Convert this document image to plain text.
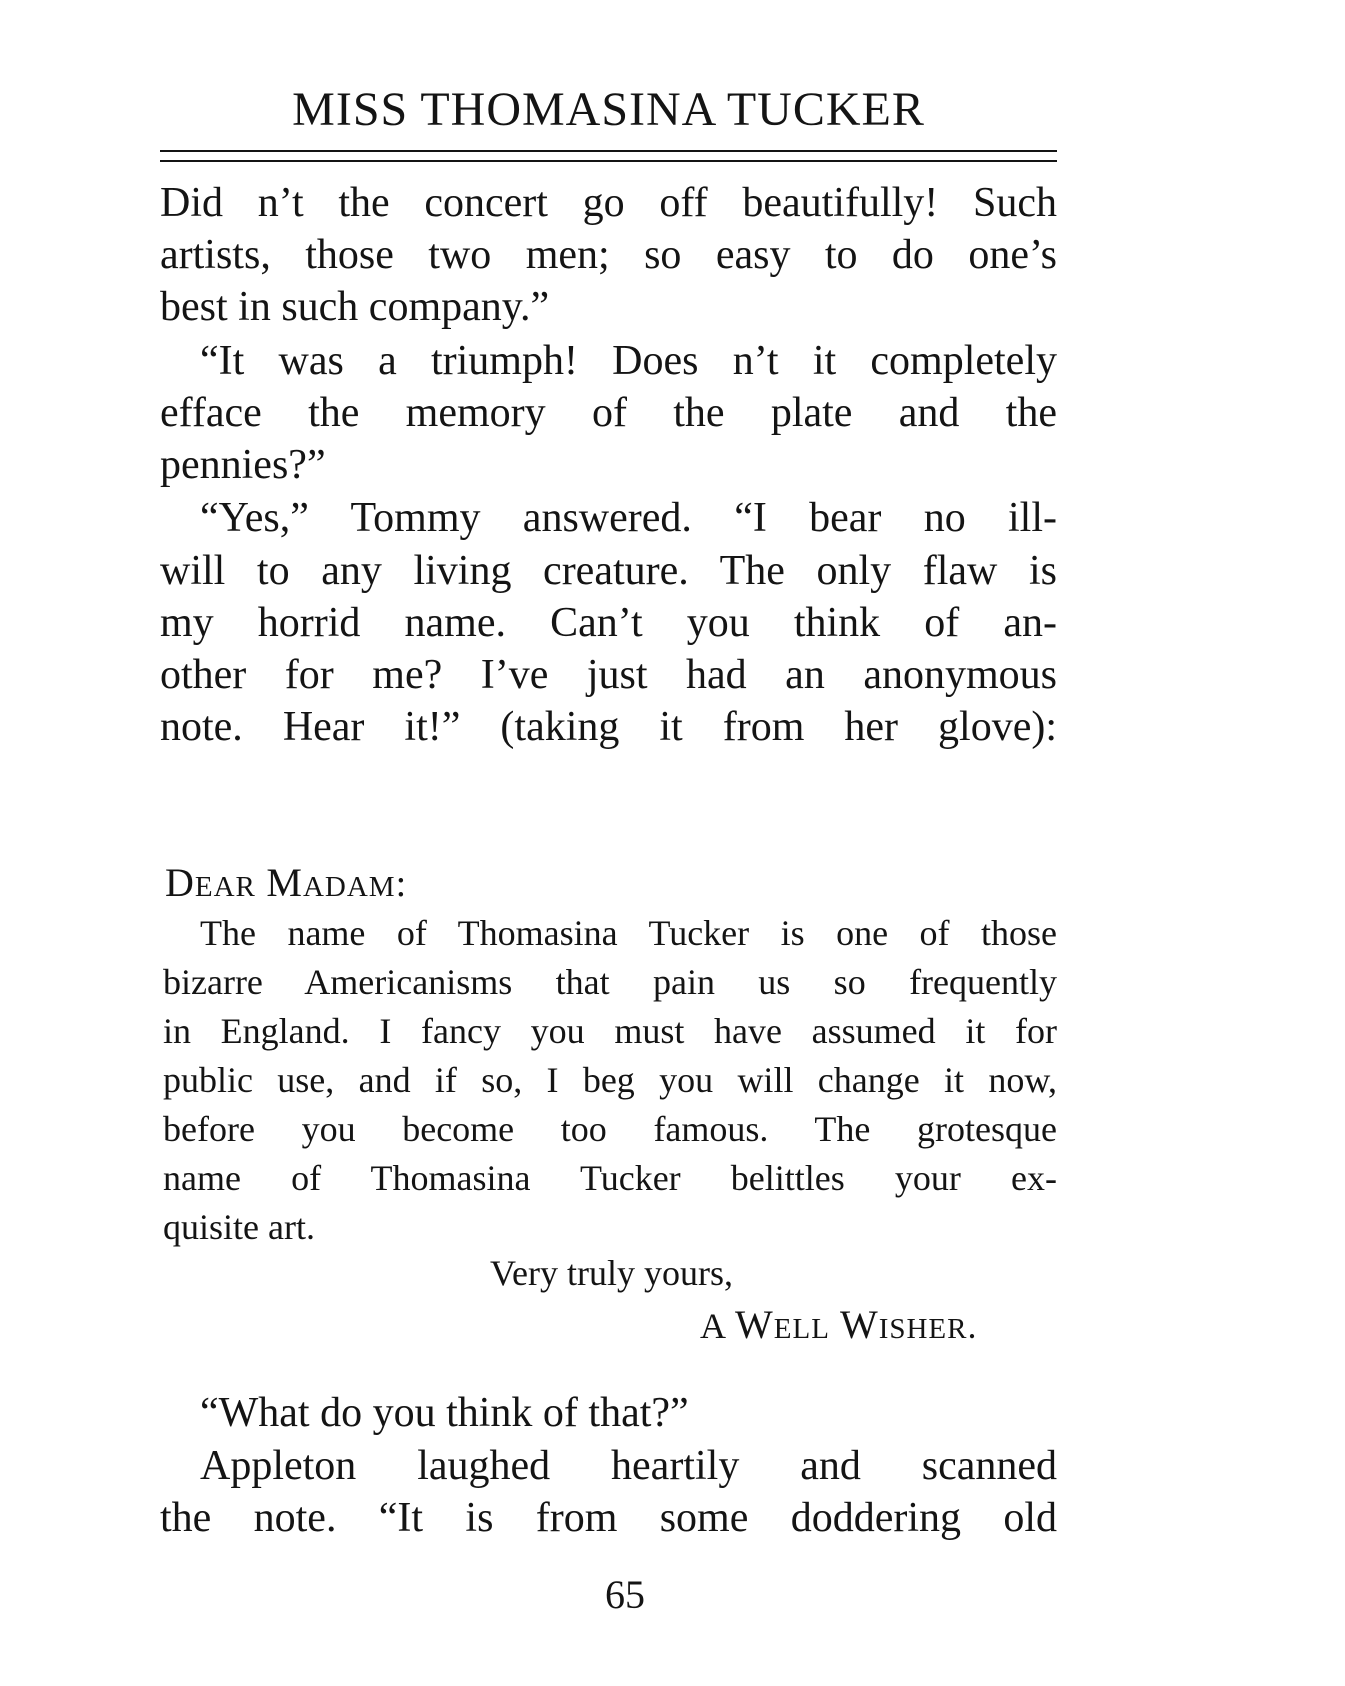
MISS THOMASINA TUCKER
Did n’t the concert go off beautifully! Such
artists, those two men; so easy to do one’s
best in such company.”
“It was a triumph! Does n’t it completely
efface the memory of the plate and the
pennies?”
“Yes,” Tommy answered. “I bear no ill-
will to any living creature. The only flaw is
my horrid name. Can’t you think of an-
other for me? I’ve just had an anonymous
note. Hear it!” (taking it from her glove):
DEAR MADAM:
The name of Thomasina Tucker is one of those
bizarre Americanisms that pain us so frequently
in England. I fancy you must have assumed it for
public use, and if so, I beg you will change it now,
before you become too famous. The grotesque
name of Thomasina Tucker belittles your ex-
quisite art.
Very truly yours,
A WELL WISHER.
“What do you think of that?”
Appleton laughed heartily and scanned
the note. “It is from some doddering old
65
